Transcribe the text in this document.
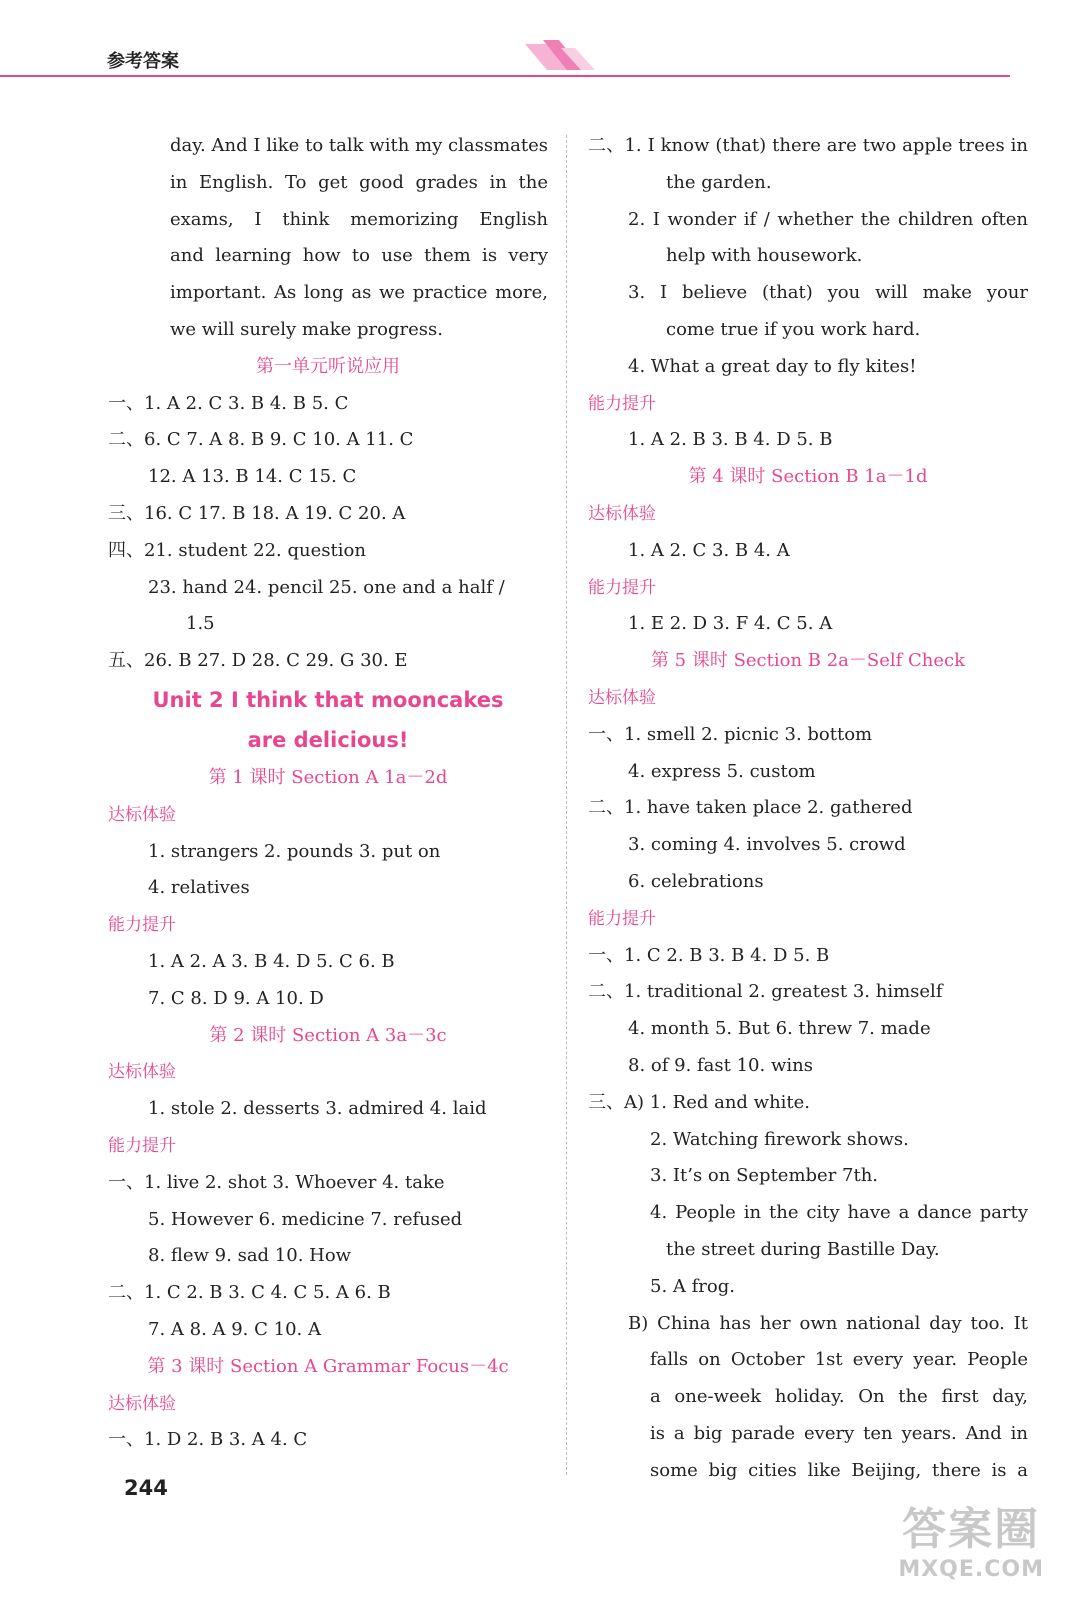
参考答案
day. And I like to talk with my classmates
in English. To get good grades in the
exams, I think memorizing English
and learning how to use them is very
important. As long as we practice more,
we will surely make progress.
第一单元听说应用
一、1. A 2. C 3. B 4. B 5. C
二、6. C 7. A 8. B 9. C 10. A 11. C
12. A 13. B 14. C 15. C
三、16. C 17. B 18. A 19. C 20. A
四、21. student 22. question
23. hand 24. pencil 25. one and a half /
1.5
五、26. B 27. D 28. C 29. G 30. E
Unit 2 I think that mooncakes
are delicious!
第 1 课时 Section A 1a－2d
达标体验
1. strangers 2. pounds 3. put on
4. relatives
能力提升
1. A 2. A 3. B 4. D 5. C 6. B
7. C 8. D 9. A 10. D
第 2 课时 Section A 3a－3c
达标体验
1. stole 2. desserts 3. admired 4. laid
能力提升
一、1. live 2. shot 3. Whoever 4. take
5. However 6. medicine 7. refused
8. flew 9. sad 10. How
二、1. C 2. B 3. C 4. C 5. A 6. B
7. A 8. A 9. C 10. A
第 3 课时 Section A Grammar Focus－4c
达标体验
一、1. D 2. B 3. A 4. C
二、1. I know (that) there are two apple trees in
the garden.
2. I wonder if / whether the children often
help with housework.
3. I believe (that) you will make your
come true if you work hard.
4. What a great day to fly kites!
能力提升
1. A 2. B 3. B 4. D 5. B
第 4 课时 Section B 1a－1d
达标体验
1. A 2. C 3. B 4. A
能力提升
1. E 2. D 3. F 4. C 5. A
第 5 课时 Section B 2a－Self Check
达标体验
一、1. smell 2. picnic 3. bottom
4. express 5. custom
二、1. have taken place 2. gathered
3. coming 4. involves 5. crowd
6. celebrations
能力提升
一、1. C 2. B 3. B 4. D 5. B
二、1. traditional 2. greatest 3. himself
4. month 5. But 6. threw 7. made
8. of 9. fast 10. wins
三、A) 1. Red and white.
2. Watching firework shows.
3. It’s on September 7th.
4. People in the city have a dance party
the street during Bastille Day.
5. A frog.
B) China has her own national day too. It
falls on October 1st every year. People
a one-week holiday. On the first day,
is a big parade every ten years. And in
some big cities like Beijing, there is a
244
答案圈
MXQE.COM
